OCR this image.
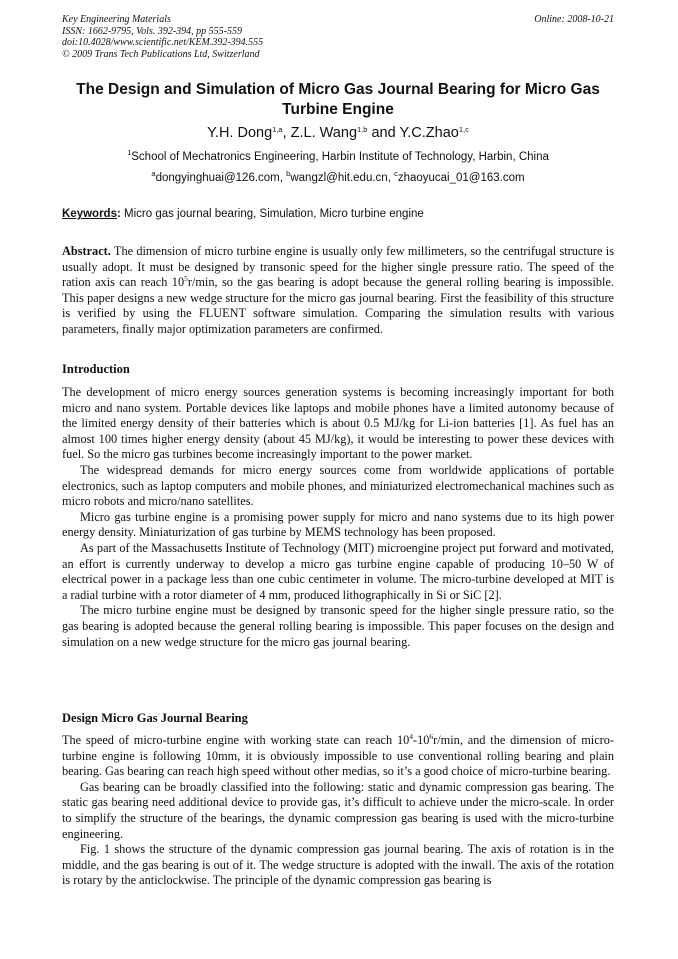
Key Engineering Materials
ISSN: 1662-9795, Vols. 392-394, pp 555-559
doi:10.4028/www.scientific.net/KEM.392-394.555
© 2009 Trans Tech Publications Ltd, Switzerland
Online: 2008-10-21
The Design and Simulation of Micro Gas Journal Bearing for Micro Gas Turbine Engine
Y.H. Dong$^{1,a}$, Z.L. Wang$^{1,b}$ and Y.C.Zhao$^{1,c}$
$^1$School of Mechatronics Engineering, Harbin Institute of Technology, Harbin, China
$^a$dongyinghuai@126.com, $^b$wangzl@hit.edu.cn, $^c$zhaoyucai_01@163.com
Keywords: Micro gas journal bearing, Simulation, Micro turbine engine

Abstract. The dimension of micro turbine engine is usually only few millimeters, so the centrifugal structure is usually adopt. It must be designed by transonic speed for the higher single pressure ratio. The speed of the ration axis can reach $10^5r/\min$, so the gas bearing is adopt because the general rolling bearing is impossible. This paper designs a new wedge structure for the micro gas journal bearing. First the feasibility of this structure is verified by using the FLUENT software simulation. Comparing the simulation results with various parameters, finally major optimization parameters are confirmed.

Introduction

The development of micro energy sources generation systems is becoming increasingly important for both micro and nano system. Portable devices like laptops and mobile phones have a limited autonomy because of the limited energy density of their batteries which is about 0.5 MJ/kg for Li-ion batteries [1]. As fuel has an almost 100 times higher energy density (about 45 MJ/kg), it would be interesting to power these devices with fuel. So the micro gas turbines become increasingly important to the power market.

The widespread demands for micro energy sources come from worldwide applications of portable electronics, such as laptop computers and mobile phones, and miniaturized electromechanical machines such as micro robots and micro/nano satellites.

Micro gas turbine engine is a promising power supply for micro and nano systems due to its high power energy density. Miniaturization of gas turbine by MEMS technology has been proposed.

As part of the Massachusetts Institute of Technology (MIT) microengine project put forward and motivated, an effort is currently underway to develop a micro gas turbine engine capable of producing 10–50 W of electrical power in a package less than one cubic centimeter in volume. The micro-turbine developed at MIT is a radial turbine with a rotor diameter of 4 mm, produced lithographically in Si or SiC [2].

The micro turbine engine must be designed by transonic speed for the higher single pressure ratio, so the gas bearing is adopted because the general rolling bearing is impossible. This paper focuses on the design and simulation on a new wedge structure for the micro gas journal bearing.

Design Micro Gas Journal Bearing

The speed of micro-turbine engine with working state can reach $10^4-10^6r/\min$, and the dimension of micro-turbine engine is following 10mm, it is obviously impossible to use conventional rolling bearing and plain bearing. Gas bearing can reach high speed without other medias, so it’s a good choice of micro-turbine bearing.

Gas bearing can be broadly classified into the following: static and dynamic compression gas bearing. The static gas bearing need additional device to provide gas, it’s difficult to achieve under the micro-scale. In order to simplify the structure of the bearings, the dynamic compression gas bearing is used with the micro-turbine engineering.

Fig. 1 shows the structure of the dynamic compression gas journal bearing. The axis of rotation is in the middle, and the gas bearing is out of it. The wedge structure is adopted with the inwall. The axis of the rotation is rotary by the anticlockwise. The principle of the dynamic compression gas bearing is
